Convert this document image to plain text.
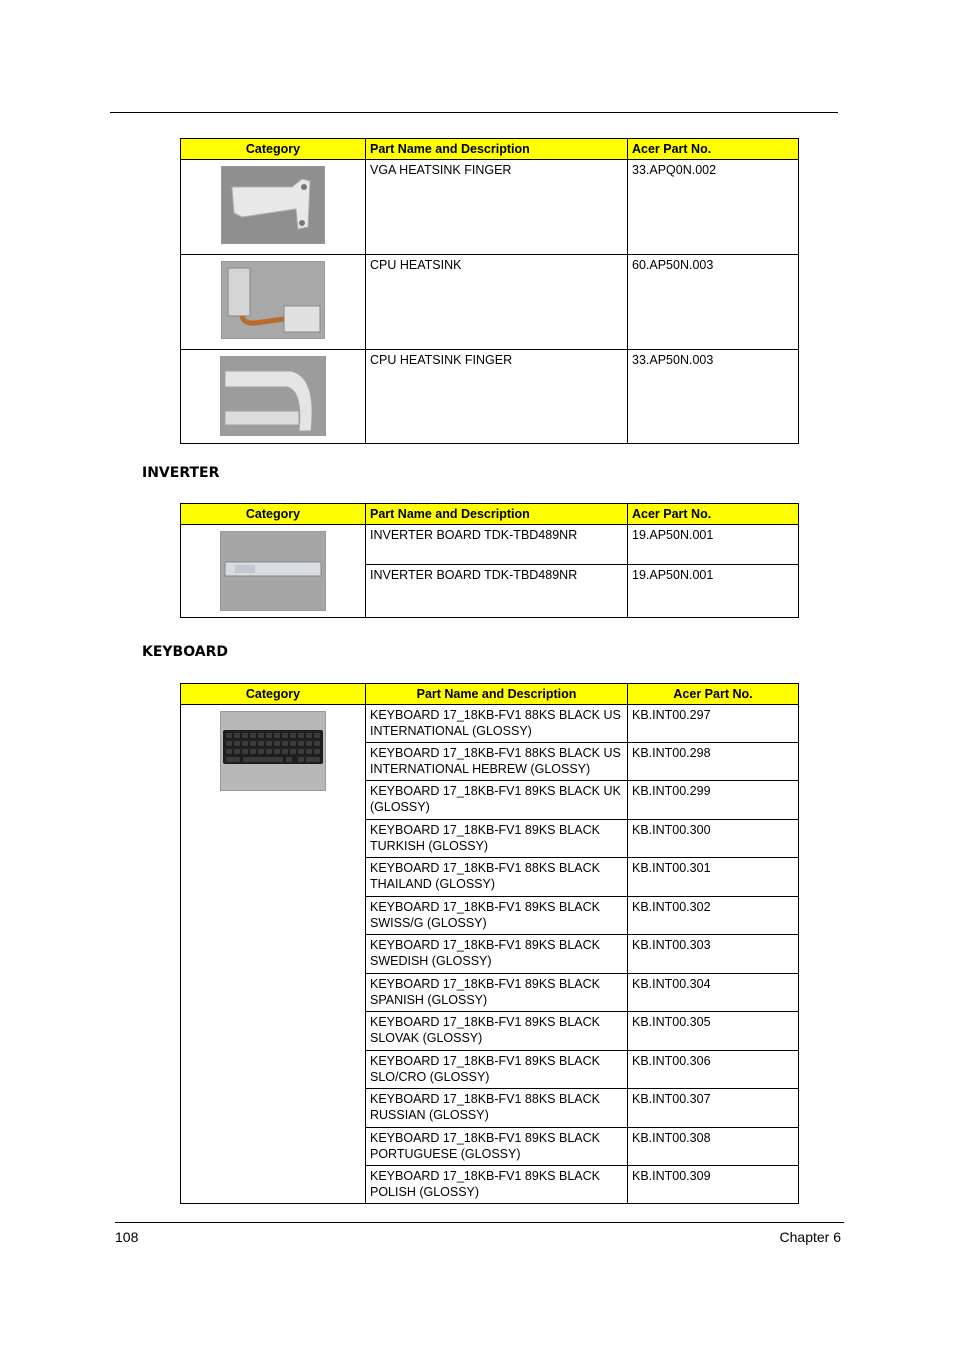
Category	Part Name and Description	Acer Part No.

	VGA HEATSINK FINGER	33.APQ0N.002

	CPU HEATSINK	60.AP50N.003

	CPU HEATSINK FINGER	33.AP50N.003
INVERTER
Category	Part Name and Description	Acer Part No.

	INVERTER BOARD TDK-TBD489NR	19.AP50N.001
	INVERTER BOARD TDK-TBD489NR	19.AP50N.001
KEYBOARD
Category	Part Name and Description	Acer Part No.

	KEYBOARD 17_18KB-FV1 88KS BLACK US INTERNATIONAL (GLOSSY)	KB.INT00.297
	KEYBOARD 17_18KB-FV1 88KS BLACK US INTERNATIONAL HEBREW (GLOSSY)	KB.INT00.298
	KEYBOARD 17_18KB-FV1 89KS BLACK UK (GLOSSY)	KB.INT00.299
	KEYBOARD 17_18KB-FV1 89KS BLACK TURKISH (GLOSSY)	KB.INT00.300
	KEYBOARD 17_18KB-FV1 88KS BLACK THAILAND (GLOSSY)	KB.INT00.301
	KEYBOARD 17_18KB-FV1 89KS BLACK SWISS/G (GLOSSY)	KB.INT00.302
	KEYBOARD 17_18KB-FV1 89KS BLACK SWEDISH (GLOSSY)	KB.INT00.303
	KEYBOARD 17_18KB-FV1 89KS BLACK SPANISH (GLOSSY)	KB.INT00.304
	KEYBOARD 17_18KB-FV1 89KS BLACK SLOVAK (GLOSSY)	KB.INT00.305
	KEYBOARD 17_18KB-FV1 89KS BLACK SLO/CRO (GLOSSY)	KB.INT00.306
	KEYBOARD 17_18KB-FV1 88KS BLACK RUSSIAN (GLOSSY)	KB.INT00.307
	KEYBOARD 17_18KB-FV1 89KS BLACK PORTUGUESE (GLOSSY)	KB.INT00.308
	KEYBOARD 17_18KB-FV1 89KS BLACK POLISH (GLOSSY)	KB.INT00.309
108	Chapter 6
